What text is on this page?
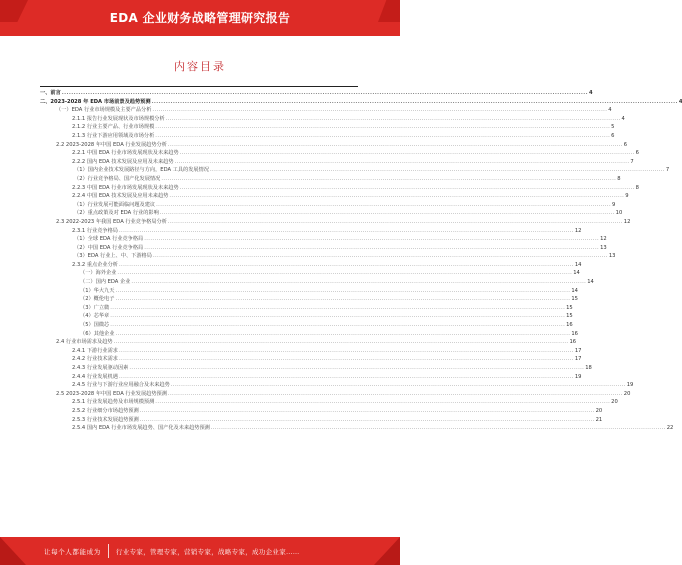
EDA 企业财务战略管理研究报告
内容目录
一、前言 .....	4
二、2023-2028 年 EDA 市场前景及趋势预测 .....	4
（一）EDA 行业市场规模及主要产品分析 .....	4
2.1.1 报告行业发展现状及市场规模分析 .....	4
2.1.2 行业主要产品、行业市场规模 .....	5
2.1.3 行业下游应用领域及市场分析 .....	6
2.2 2023-2028 年中国 EDA 行业发展趋势分析 .....	6
2.2.1 中国 EDA 行业市场发展现状及未来趋势 .....	6
2.2.2 国内 EDA 技术发展及应用及未来趋势 .....	7
（1）国内企业技术发展路径与方向，EDA 工具的发展情况 .....	7
（2）行业竞争格局、国产化发展情况 .....	8
2.2.3 中国 EDA 行业市场发展现状及未来趋势 .....	8
2.2.4 中国 EDA 技术发展及应用未来趋势 .....	9
（1）行业发展可能面临问题及建议 .....	9
（2）重点政策及对 EDA 行业的影响 .....	10
2.3 2022-2023 年我国 EDA 行业竞争格局分析 .....	12
2.3.1 行业竞争格局 .....	12
（1）全球 EDA 行业竞争格局 .....	12
（2）中国 EDA 行业竞争格局 .....	13
（3）EDA 行业上、中、下游格局 .....	13
2.3.2 重点企业分析 .....	14
（一）海外企业 .....	14
（二）国内 EDA 企业 .....	14
（1）华大九天 .....	14
（2）概伦电子 .....	15
（3）广立微 .....	15
（4）芯华章 .....	15
（5）国微芯 .....	16
（6）其他企业 .....	16
2.4 行业市场需求及趋势 .....	16
2.4.1 下游行业需求 .....	17
2.4.2 行业技术需求 .....	17
2.4.3 行业发展驱动因素 .....	18
2.4.4 行业发展机遇 .....	19
2.4.5 行业与下游行业应用融合及未来趋势 .....	19
2.5 2023-2028 年中国 EDA 行业发展趋势预测 .....	20
2.5.1 行业发展趋势及市场规模预测 .....	20
2.5.2 行业细分市场趋势预测 .....	20
2.5.3 行业技术发展趋势预测 .....	21
2.5.4 国内 EDA 行业市场发展趋势、国产化及未来趋势预测 .....	22
让每个人都能成为 行业专家，管理专家，营销专家，战略专家，成功企业家……
